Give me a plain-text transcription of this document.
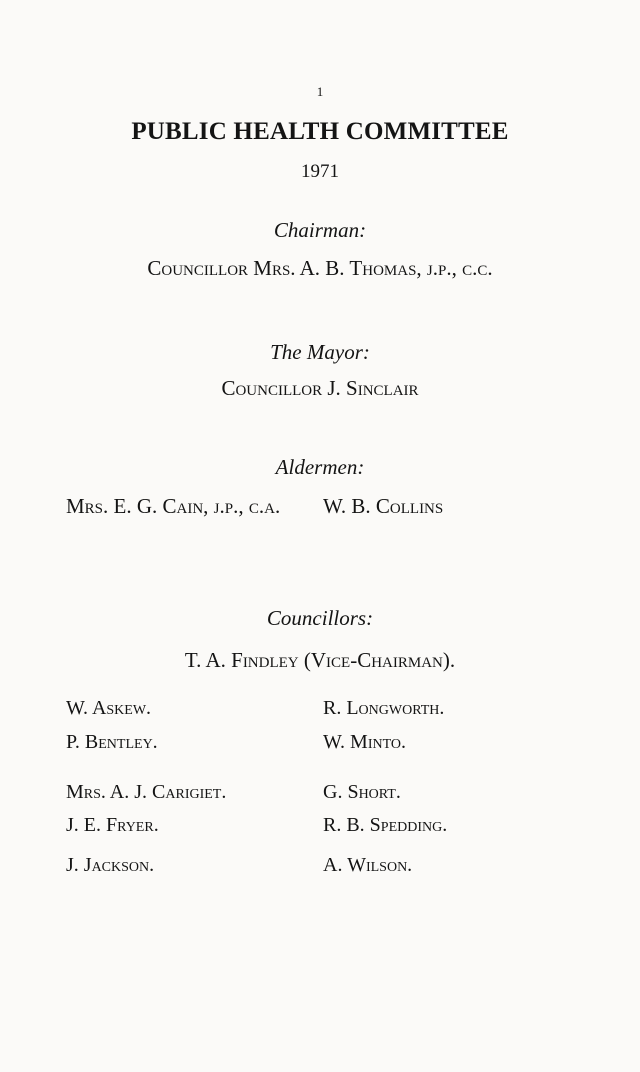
1
PUBLIC HEALTH COMMITTEE
1971
Chairman:
Councillor Mrs. A. B. Thomas, j.p., c.c.
The Mayor:
Councillor J. Sinclair
Aldermen:
Mrs. E. G. Cain, j.p., c.a. W. B. Collins
Councillors:
T. A. Findley (Vice-Chairman).
W. Askew.	R. Longworth.
P. Bentley.	W. Minto.
Mrs. A. J. Carigiet.	G. Short.
J. E. Fryer.	R. B. Spedding.
J. Jackson.	A. Wilson.
